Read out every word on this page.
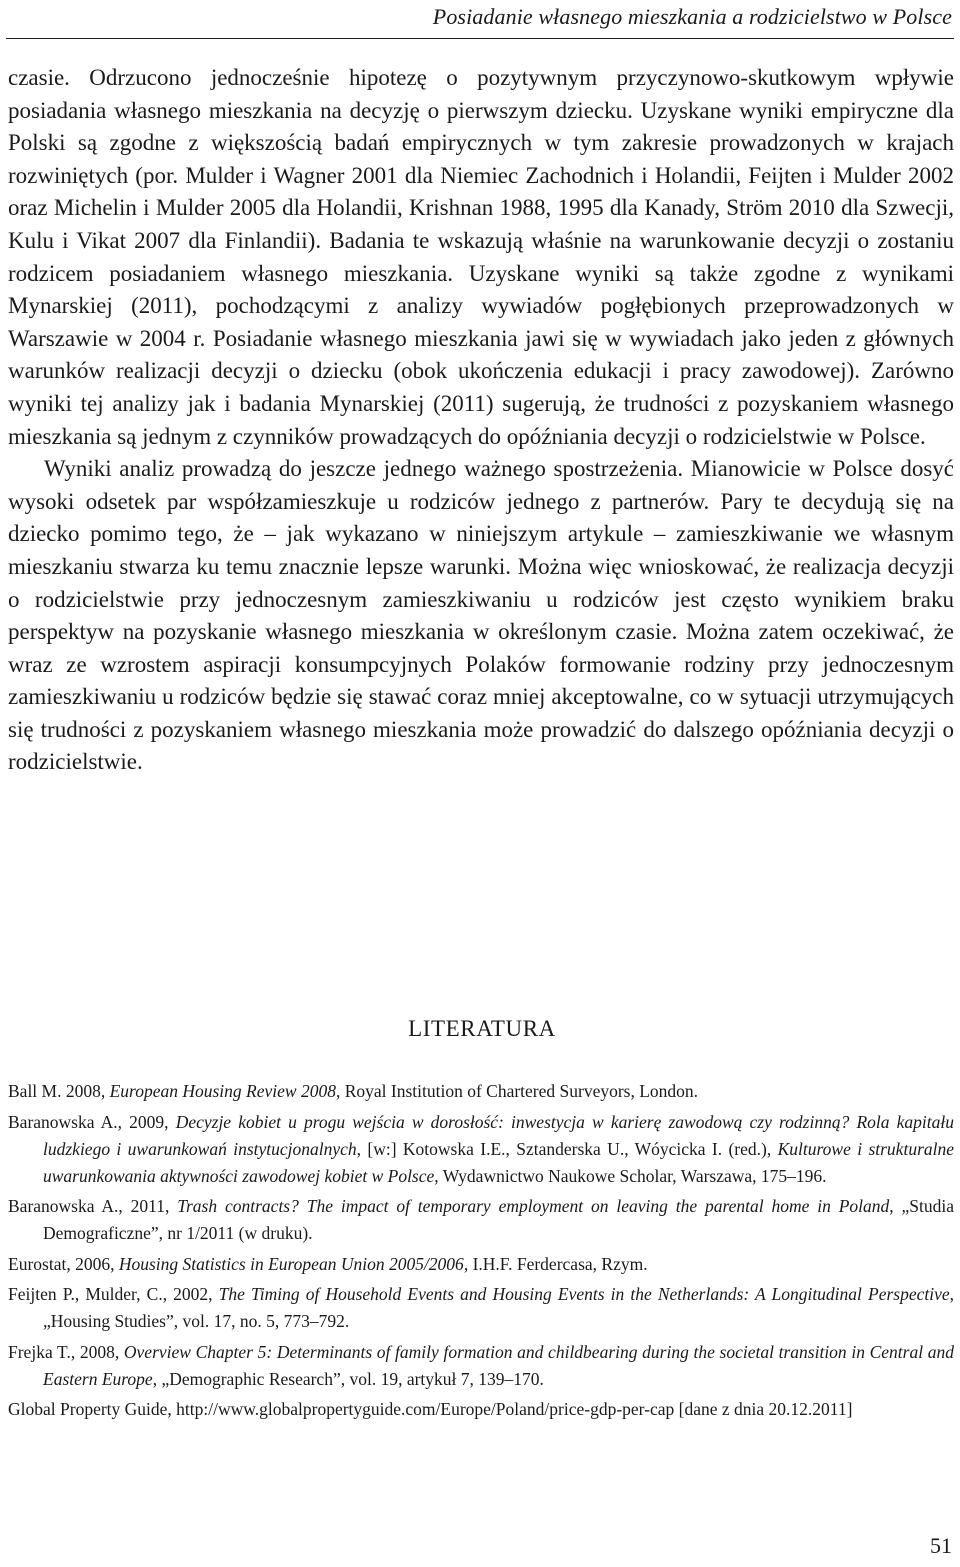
Posiadanie własnego mieszkania a rodzicielstwo w Polsce

czasie. Odrzucono jednocześnie hipotezę o pozytywnym przyczynowo-skutkowym wpływie posiadania własnego mieszkania na decyzję o pierwszym dziecku. Uzyskane wyniki empiryczne dla Polski są zgodne z większością badań empirycznych w tym zakresie prowadzonych w krajach rozwiniętych (por. Mulder i Wagner 2001 dla Niemiec Zachodnich i Holandii, Feijten i Mulder 2002 oraz Michelin i Mulder 2005 dla Holandii, Krishnan 1988, 1995 dla Kanady, Ström 2010 dla Szwecji, Kulu i Vikat 2007 dla Finlandii). Badania te wskazują właśnie na warunkowanie decyzji o zostaniu rodzicem posiadaniem własnego mieszkania. Uzyskane wyniki są także zgodne z wynikami Mynarskiej (2011), pochodzącymi z analizy wywiadów pogłębionych przeprowadzonych w Warszawie w 2004 r. Posiadanie własnego mieszkania jawi się w wywiadach jako jeden z głównych warunków realizacji decyzji o dziecku (obok ukończenia edukacji i pracy zawodowej). Zarówno wyniki tej analizy jak i badania Mynarskiej (2011) sugerują, że trudności z pozyskaniem własnego mieszkania są jednym z czynników prowadzących do opóźniania decyzji o rodzicielstwie w Polsce.

Wyniki analiz prowadzą do jeszcze jednego ważnego spostrzeżenia. Mianowicie w Polsce dosyć wysoki odsetek par współzamieszkuje u rodziców jednego z partnerów. Pary te decydują się na dziecko pomimo tego, że – jak wykazano w niniejszym artykule – zamieszkiwanie we własnym mieszkaniu stwarza ku temu znacznie lepsze warunki. Można więc wnioskować, że realizacja decyzji o rodzicielstwie przy jednoczesnym zamieszkiwaniu u rodziców jest często wynikiem braku perspektyw na pozyskanie własnego mieszkania w określonym czasie. Można zatem oczekiwać, że wraz ze wzrostem aspiracji konsumpcyjnych Polaków formowanie rodziny przy jednoczesnym zamieszkiwaniu u rodziców będzie się stawać coraz mniej akceptowalne, co w sytuacji utrzymujących się trudności z pozyskaniem własnego mieszkania może prowadzić do dalszego opóźniania decyzji o rodzicielstwie.

LITERATURA

Ball M. 2008, European Housing Review 2008, Royal Institution of Chartered Surveyors, London.

Baranowska A., 2009, Decyzje kobiet u progu wejścia w dorosłość: inwestycja w karierę zawodową czy rodzinną? Rola kapitału ludzkiego i uwarunkowań instytucjonalnych, [w:] Kotowska I.E., Sztanderska U., Wóycicka I. (red.), Kulturowe i strukturalne uwarunkowania aktywności zawodowej kobiet w Polsce, Wydawnictwo Naukowe Scholar, Warszawa, 175–196.

Baranowska A., 2011, Trash contracts? The impact of temporary employment on leaving the parental home in Poland, „Studia Demograficzne”, nr 1/2011 (w druku).

Eurostat, 2006, Housing Statistics in European Union 2005/2006, I.H.F. Ferdercasa, Rzym.

Feijten P., Mulder, C., 2002, The Timing of Household Events and Housing Events in the Netherlands: A Longitudinal Perspective, „Housing Studies”, vol. 17, no. 5, 773–792.

Frejka T., 2008, Overview Chapter 5: Determinants of family formation and childbearing during the societal transition in Central and Eastern Europe, „Demographic Research”, vol. 19, artykuł 7, 139–170.

Global Property Guide, http://www.globalpropertyguide.com/Europe/Poland/price-gdp-per-cap [dane z dnia 20.12.2011]

51
